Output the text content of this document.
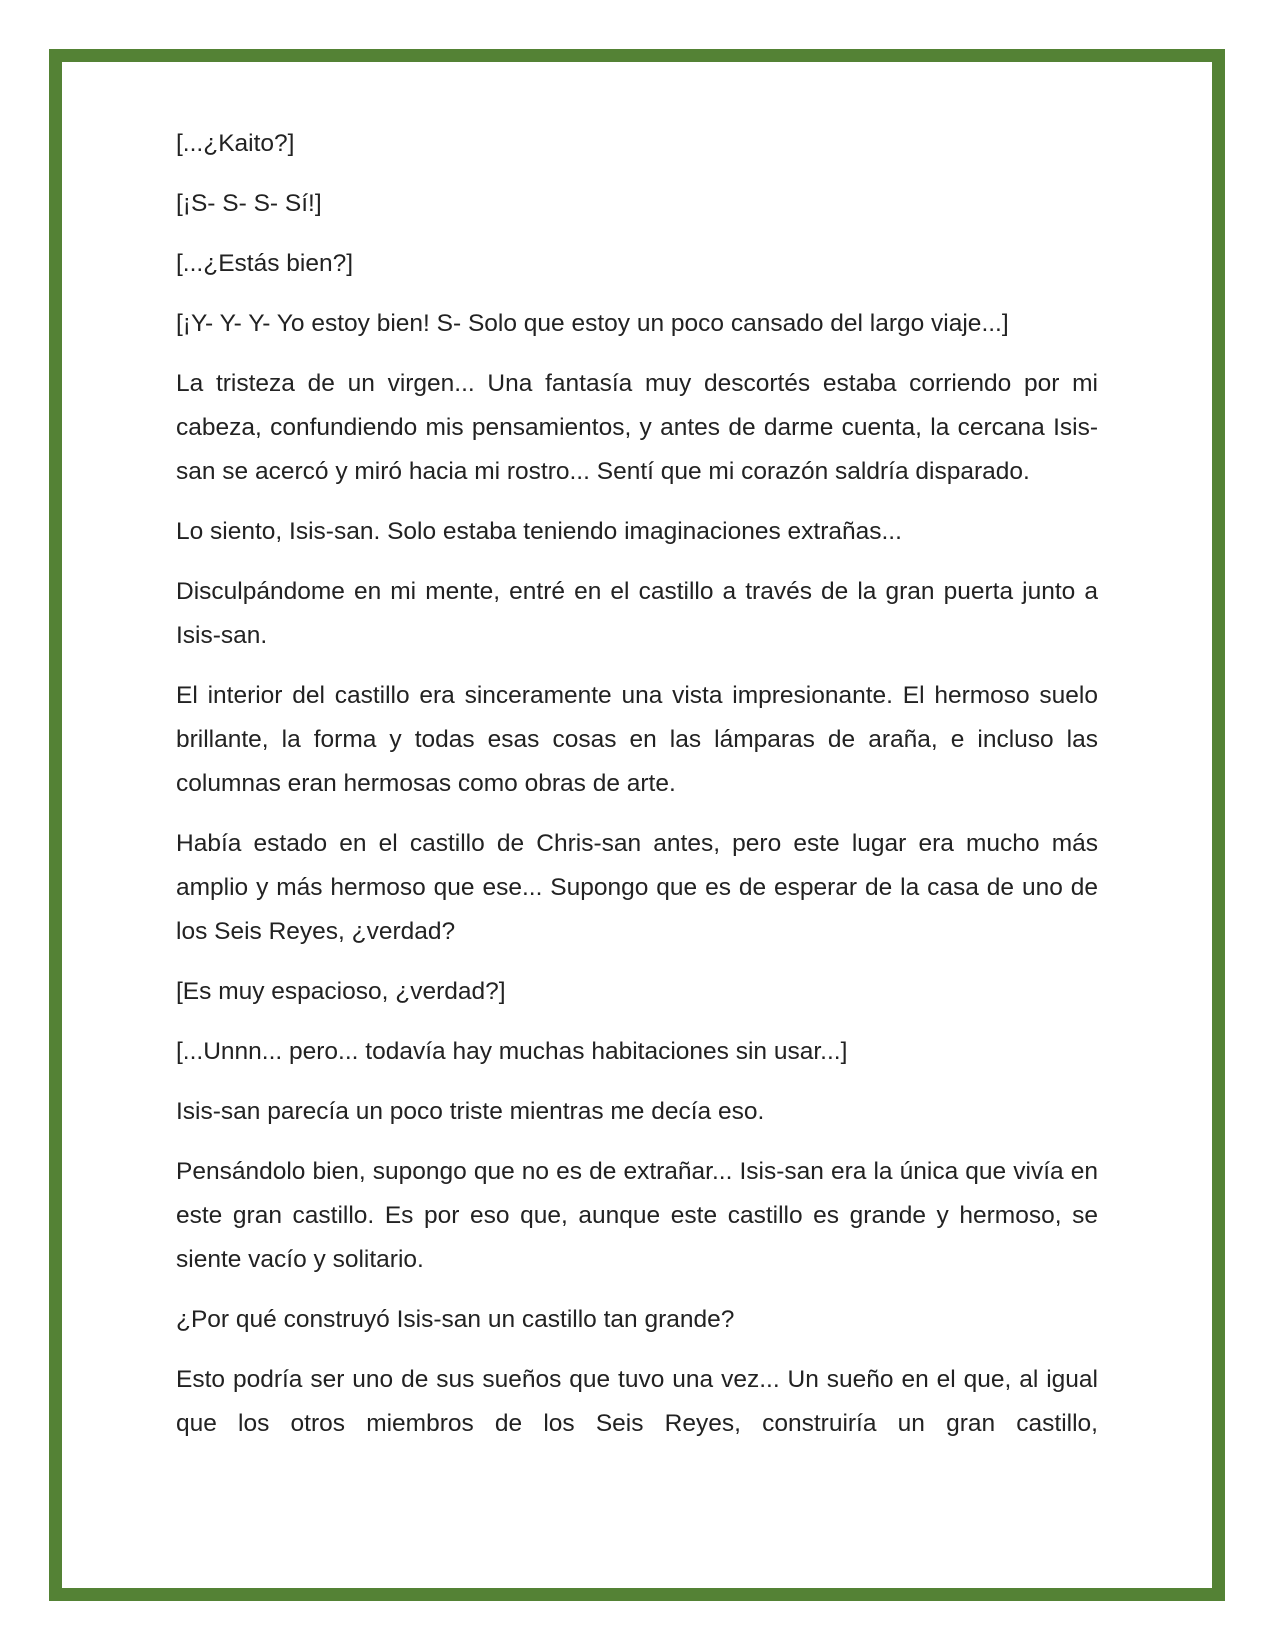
[...¿Kaito?]

[¡S- S- S- Sí!]

[...¿Estás bien?]

[¡Y- Y- Y- Yo estoy bien! S- Solo que estoy un poco cansado del largo viaje...]

La tristeza de un virgen... Una fantasía muy descortés estaba corriendo por mi cabeza, confundiendo mis pensamientos, y antes de darme cuenta, la cercana Isis-san se acercó y miró hacia mi rostro... Sentí que mi corazón saldría disparado.

Lo siento, Isis-san. Solo estaba teniendo imaginaciones extrañas...

Disculpándome en mi mente, entré en el castillo a través de la gran puerta junto a Isis-san.

El interior del castillo era sinceramente una vista impresionante. El hermoso suelo brillante, la forma y todas esas cosas en las lámparas de araña, e incluso las columnas eran hermosas como obras de arte.

Había estado en el castillo de Chris-san antes, pero este lugar era mucho más amplio y más hermoso que ese... Supongo que es de esperar de la casa de uno de los Seis Reyes, ¿verdad?

[Es muy espacioso, ¿verdad?]

[...Unnn... pero... todavía hay muchas habitaciones sin usar...]

Isis-san parecía un poco triste mientras me decía eso.

Pensándolo bien, supongo que no es de extrañar... Isis-san era la única que vivía en este gran castillo. Es por eso que, aunque este castillo es grande y hermoso, se siente vacío y solitario.

¿Por qué construyó Isis-san un castillo tan grande?

Esto podría ser uno de sus sueños que tuvo una vez... Un sueño en el que, al igual que los otros miembros de los Seis Reyes, construiría un gran castillo,
